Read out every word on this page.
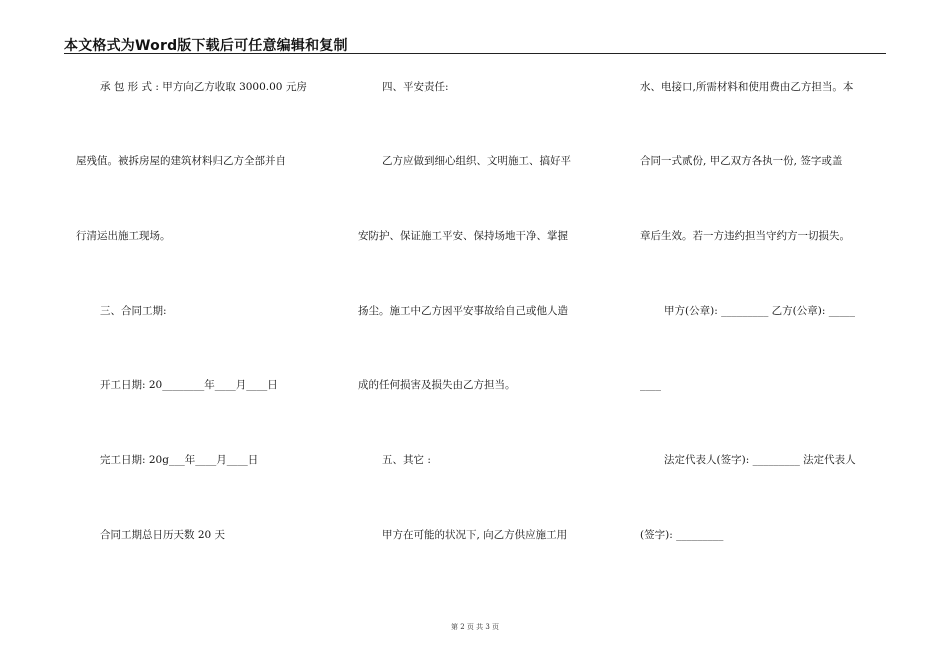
本文格式为Word版下载后可任意编辑和复制
承 包 形 式 : 甲方向乙方收取 3000.00 元房
屋残值。被拆房屋的建筑材料归乙方全部并自
行清运出施工现场。
三、合同工期:
开工日期: 20________年____月____日
完工日期: 20g___年____月____日
合同工期总日历天数 20 天
四、平安责任:
乙方应做到细心组织、文明施工、搞好平
安防护、保证施工平安、保持场地干净、掌握
扬尘。施工中乙方因平安事故给自己或他人造
成的任何损害及损失由乙方担当。
五、其它 :
甲方在可能的状况下, 向乙方供应施工用
水、电接口,所需材料和使用费由乙方担当。本
合同一式贰份, 甲乙双方各执一份, 签字或盖
章后生效。若一方违约担当守约方一切损失。
甲方(公章): _________ 乙方(公章): _____
____
法定代表人(签字): _________ 法定代表人
(签字): _________
第 2 页 共 3 页
